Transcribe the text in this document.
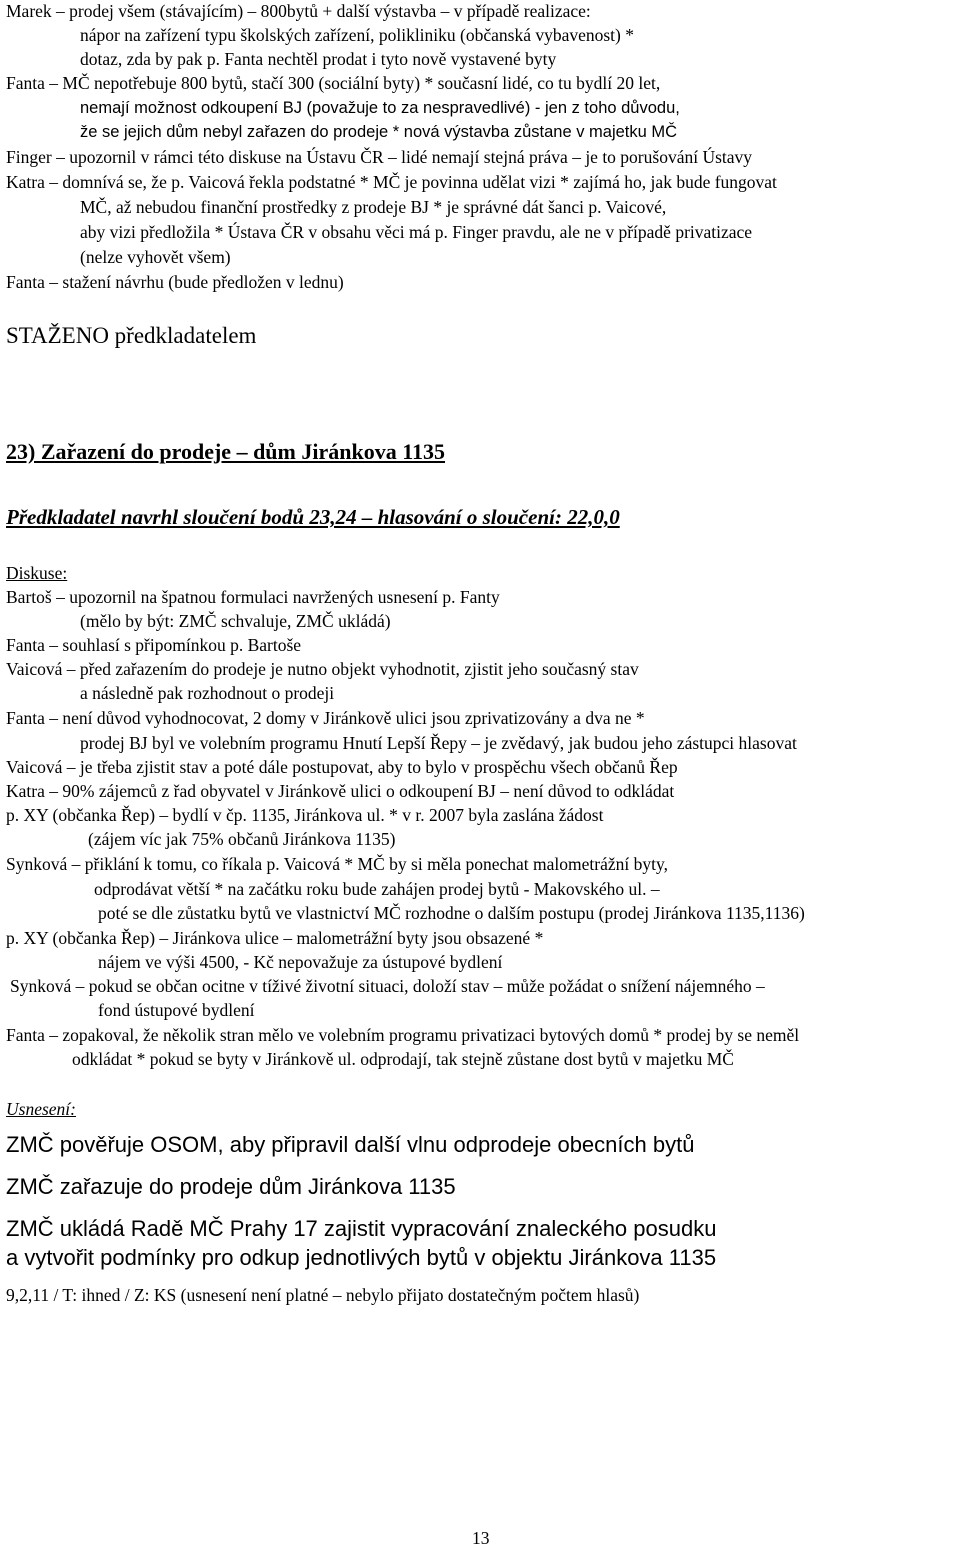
Marek – prodej všem (stávajícím) – 800bytů + další výstavba – v případě realizace:
nápor na zařízení typu školských zařízení, polikliniku (občanská vybavenost) *
dotaz, zda by pak p. Fanta nechtěl prodat i tyto nově vystavené byty
Fanta – MČ nepotřebuje 800 bytů, stačí 300 (sociální byty) * současní lidé, co tu bydlí 20 let,
nemají možnost odkoupení BJ (považuje to za nespravedlivé) - jen z toho důvodu,
že se jejich dům nebyl zařazen do prodeje * nová výstavba zůstane v majetku MČ
Finger – upozornil v rámci této diskuse na Ústavu ČR – lidé nemají stejná práva – je to porušování Ústavy
Katra – domnívá se, že p. Vaicová řekla podstatné * MČ je povinna udělat vizi * zajímá ho, jak bude fungovat
MČ, až nebudou finanční prostředky z prodeje BJ * je správné dát šanci p. Vaicové,
aby vizi předložila * Ústava ČR v obsahu věci má p. Finger pravdu, ale ne v případě privatizace
(nelze vyhovět všem)
Fanta – stažení návrhu (bude předložen v lednu)
STAŽENO předkladatelem
23) Zařazení do prodeje – dům Jiránkova 1135
Předkladatel navrhl sloučení bodů 23,24 – hlasování o sloučení: 22,0,0
Diskuse:
Bartoš – upozornil na špatnou formulaci navržených usnesení p. Fanty
(mělo by být: ZMČ schvaluje, ZMČ ukládá)
Fanta – souhlasí s připomínkou p. Bartoše
Vaicová – před zařazením do prodeje je nutno objekt vyhodnotit, zjistit jeho současný stav
a následně pak rozhodnout o prodeji
Fanta – není důvod vyhodnocovat, 2 domy v Jiránkově ulici jsou zprivatizovány a dva ne *
prodej BJ byl ve volebním programu Hnutí Lepší Řepy – je zvědavý, jak budou jeho zástupci hlasovat
Vaicová – je třeba zjistit stav a poté dále postupovat, aby to bylo v prospěchu všech občanů Řep
Katra – 90% zájemců z řad obyvatel v Jiránkově ulici o odkoupení BJ – není důvod to odkládat
p. XY (občanka Řep) – bydlí v čp. 1135, Jiránkova ul. * v r. 2007 byla zaslána žádost
(zájem víc jak 75% občanů Jiránkova 1135)
Synková – přiklání k tomu, co říkala p. Vaicová * MČ by si měla ponechat malometrážní byty,
odprodávat větší * na začátku roku bude zahájen prodej bytů - Makovského ul. –
poté se dle zůstatku bytů ve vlastnictví MČ rozhodne o dalším postupu (prodej Jiránkova 1135,1136)
p. XY (občanka Řep) – Jiránkova ulice – malometrážní byty jsou obsazené *
nájem ve výši 4500, - Kč nepovažuje za ústupové bydlení
Synková – pokud se občan ocitne v tíživé životní situaci, doloží stav – může požádat o snížení nájemného –
fond ústupové bydlení
Fanta – zopakoval, že několik stran mělo ve volebním programu privatizaci bytových domů * prodej by se neměl
odkládat * pokud se byty v Jiránkově ul. odprodají, tak stejně zůstane dost bytů v majetku MČ
Usnesení:
ZMČ pověřuje OSOM, aby připravil další vlnu odprodeje obecních bytů
ZMČ zařazuje do prodeje dům Jiránkova 1135
ZMČ ukládá Radě MČ Prahy 17 zajistit vypracování znaleckého posudku
a vytvořit podmínky pro odkup jednotlivých bytů v objektu Jiránkova 1135
9,2,11 / T: ihned / Z: KS (usnesení není platné – nebylo přijato dostatečným počtem hlasů)
13
